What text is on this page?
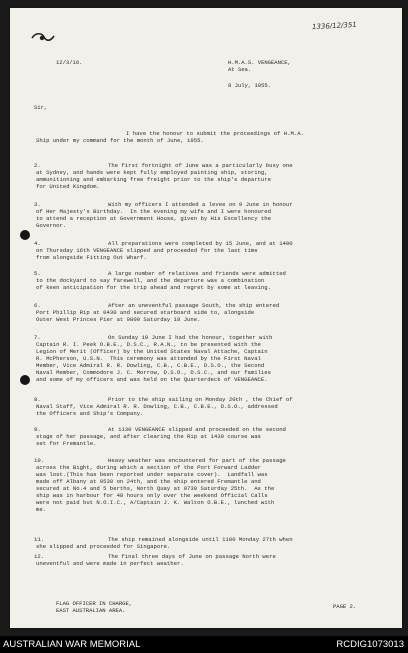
1336/12/351
12/3/16.	H.M.A.S. VENGEANCE,
At Sea.
8 July, 1955.
Sir,
I have the honour to submit the proceedings of H.M.A.
Ship under my command for the month of June, 1955.
FLAG OFFICER IN CHARGE,
EAST AUSTRALIAN AREA.
PAGE 2.
2.	The first fortnight of June was a particularly busy one
at Sydney, and hands were kept fully employed painting ship, storing,
ammunitioning and embarking free freight prior to the ship's departure
for United Kingdom.
3.	With my officers I attended a levee on 9 June in honour
of Her Majesty's Birthday.  In the evening my wife and I were honoured
to attend a reception at Government House, given by His Excellency the
Governor.
4.	All preparations were completed by 15 June, and at 1400
on Thursday 16th VENGEANCE slipped and proceeded for the last time
from alongside Fitting Out Wharf.
5.	A large number of relatives and friends were admitted
to the dockyard to say farewell, and the departure was a combination
of keen anticipation for the trip ahead and regret by some at leaving.
6.	After an uneventful passage South, the ship entered
Port Phillip Rip at 0430 and secured starboard side to, alongside
Outer West Princes Pier at 0800 Saturday 18 June.
7.	On Sunday 19 June I had the honour, together with
Captain R. I. Peek O.B.E., D.S.C., R.A.N., to be presented with the
Legion of Merit (Officer) by the United States Naval Attache, Captain
R. McPherson, U.S.N.  This ceremony was attended by the First Naval
Member, Vice Admiral R. R. Dowling, C.B., C.B.E., D.S.O., the Second
Naval Member, Commodore J. C. Morrow, D.S.O., D.S.C., and our families
and some of my officers and was held on the Quarterdeck of VENGEANCE.
8.	Prior to the ship sailing on Monday 20th , the Chief of
Naval Staff, Vice Admiral R. R. Dowling, C.B., C.B.E., D.S.O., addressed
the Officers and Ship's Company.
9.	At 1130 VENGEANCE slipped and proceeded on the second
stage of her passage, and after clearing the Rip at 1430 course was
set for Fremantle.
10.	Heavy weather was encountered for part of the passage
across the Bight, during which a section of the Port Forward Ladder
was lost.(This has been reported under separate cover).  Landfall was
made off Albany at 0530 on 24th, and the ship entered Fremantle and
secured at No.4 and 5 berths, North Quay at 0730 Saturday 25th.  As the
ship was in harbour for 48 hours only over the weekend Official Calls
were not paid but N.O.I.C., A/Captain J. K. Walton O.B.E., lunched with
me.
11.	The ship remained alongside until 1100 Monday 27th when
she slipped and proceeded for Singapore.
12.	The final three days of June on passage North were
uneventful and were made in perfect weather.
AUSTRALIAN WAR MEMORIAL	RCDIG1073013
